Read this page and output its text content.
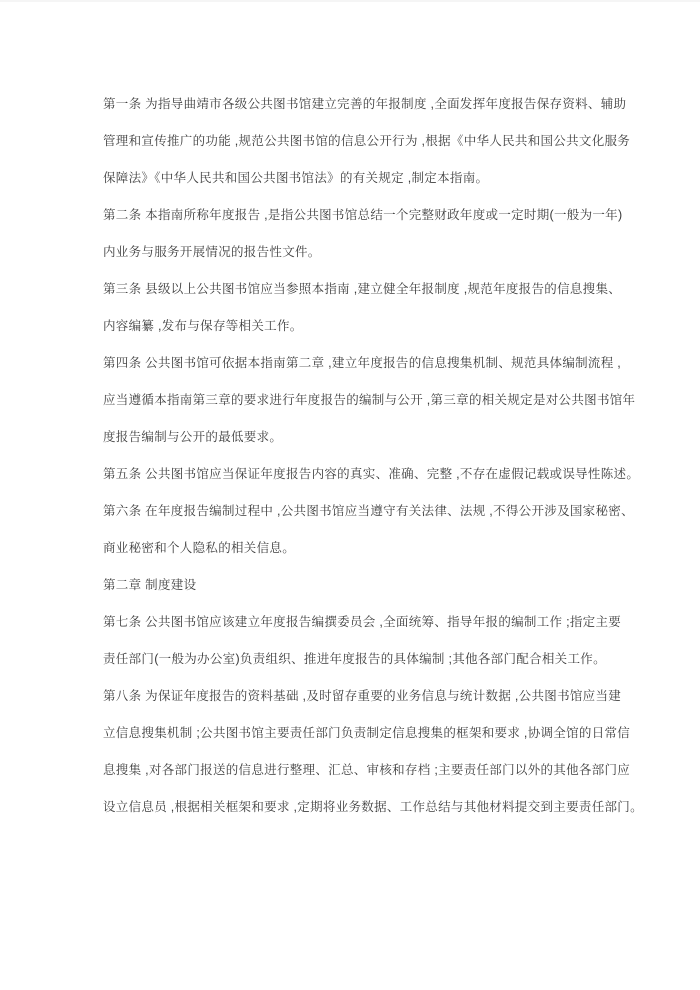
第一条 为指导曲靖市各级公共图书馆建立完善的年报制度 ,全面发挥年度报告保存资料、辅助
管理和宣传推广的功能 ,规范公共图书馆的信息公开行为 ,根据《中华人民共和国公共文化服务
保障法》《中华人民共和国公共图书馆法》的有关规定 ,制定本指南。
第二条 本指南所称年度报告 ,是指公共图书馆总结一个完整财政年度或一定时期(一般为一年)
内业务与服务开展情况的报告性文件。
第三条 县级以上公共图书馆应当参照本指南 ,建立健全年报制度 ,规范年度报告的信息搜集、
内容编纂 ,发布与保存等相关工作。
第四条 公共图书馆可依据本指南第二章 ,建立年度报告的信息搜集机制、规范具体编制流程 ,
应当遵循本指南第三章的要求进行年度报告的编制与公开 ,第三章的相关规定是对公共图书馆年
度报告编制与公开的最低要求。
第五条 公共图书馆应当保证年度报告内容的真实、准确、完整 ,不存在虚假记载或误导性陈述。
第六条 在年度报告编制过程中 ,公共图书馆应当遵守有关法律、法规 ,不得公开涉及国家秘密、
商业秘密和个人隐私的相关信息。
第二章 制度建设
第七条 公共图书馆应该建立年度报告编撰委员会 ,全面统筹、指导年报的编制工作 ;指定主要
责任部门(一般为办公室)负责组织、推进年度报告的具体编制 ;其他各部门配合相关工作。
第八条 为保证年度报告的资料基础 ,及时留存重要的业务信息与统计数据 ,公共图书馆应当建
立信息搜集机制 ;公共图书馆主要责任部门负责制定信息搜集的框架和要求 ,协调全馆的日常信
息搜集 ,对各部门报送的信息进行整理、汇总、审核和存档 ;主要责任部门以外的其他各部门应
设立信息员 ,根据相关框架和要求 ,定期将业务数据、工作总结与其他材料提交到主要责任部门。
